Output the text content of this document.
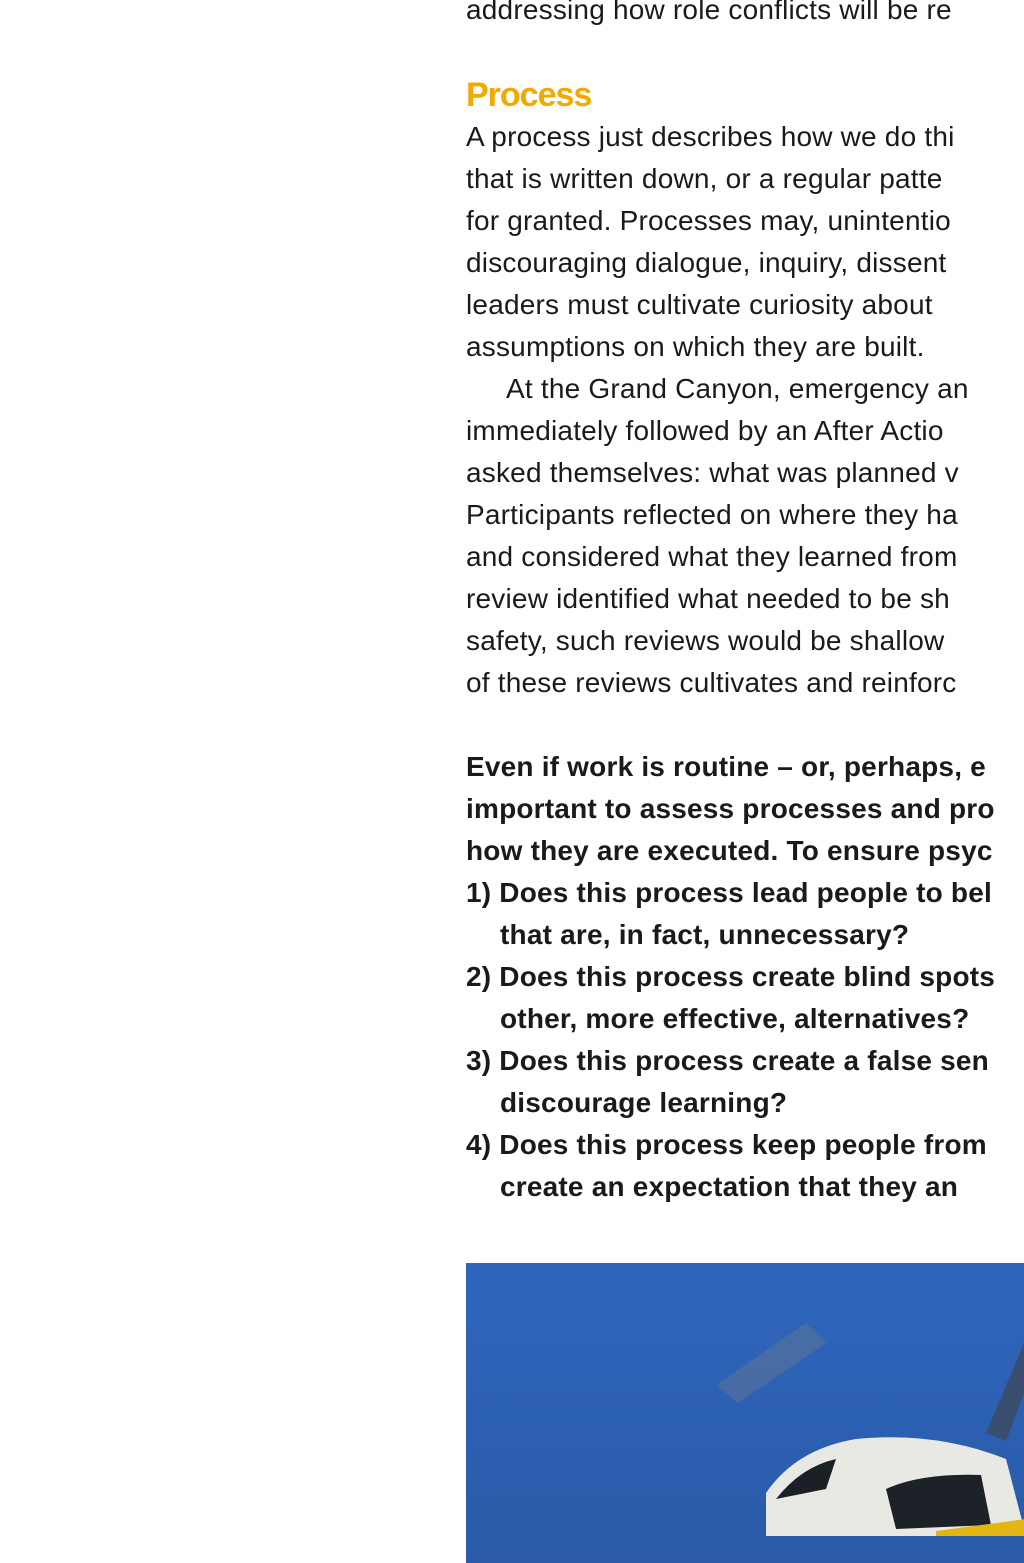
addressing how role conflicts will be re
Process
A process just describes how we do thi
that is written down, or a regular patte
for granted. Processes may, unintentio
discouraging dialogue, inquiry, dissent
leaders must cultivate curiosity about
assumptions on which they are built.
At the Grand Canyon, emergency an
immediately followed by an After Actio
asked themselves: what was planned v
Participants reflected on where they ha
and considered what they learned from
review identified what needed to be sh
safety, such reviews would be shallow
of these reviews cultivates and reinforc
Even if work is routine – or, perhaps, e
important to assess processes and pro
how they are executed. To ensure psyc
1) Does this process lead people to bel
that are, in fact, unnecessary?
2) Does this process create blind spots
other, more effective, alternatives?
3) Does this process create a false sen
discourage learning?
4) Does this process keep people from
create an expectation that they an
